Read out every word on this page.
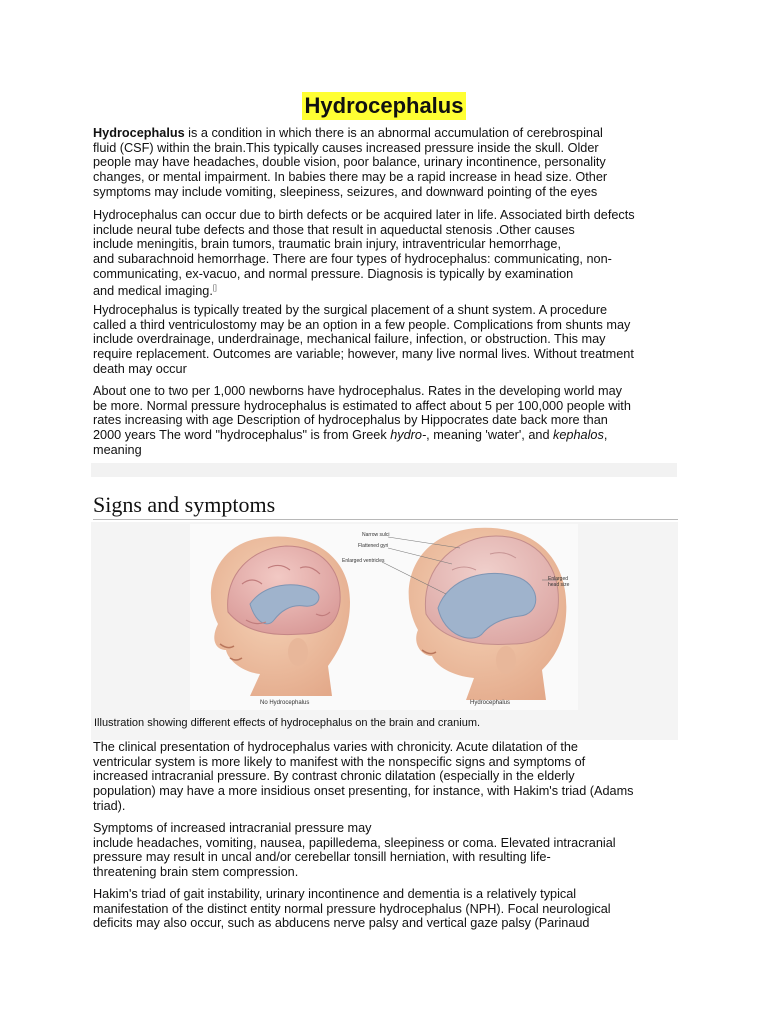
Hydrocephalus

Hydrocephalus is a condition in which there is an abnormal accumulation of cerebrospinal
fluid (CSF) within the brain.This typically causes increased pressure inside the skull. Older
people may have headaches, double vision, poor balance, urinary incontinence, personality
changes, or mental impairment. In babies there may be a rapid increase in head size. Other
symptoms may include vomiting, sleepiness, seizures, and downward pointing of the eyes

Hydrocephalus can occur due to birth defects or be acquired later in life. Associated birth defects
include neural tube defects and those that result in aqueductal stenosis .Other causes
include meningitis, brain tumors, traumatic brain injury, intraventricular hemorrhage,
and subarachnoid hemorrhage. There are four types of hydrocephalus: communicating, non-
communicating, ex-vacuo, and normal pressure. Diagnosis is typically by examination
and medical imaging.[]

Hydrocephalus is typically treated by the surgical placement of a shunt system. A procedure
called a third ventriculostomy may be an option in a few people. Complications from shunts may
include overdrainage, underdrainage, mechanical failure, infection, or obstruction. This may
require replacement. Outcomes are variable; however, many live normal lives. Without treatment
death may occur

About one to two per 1,000 newborns have hydrocephalus. Rates in the developing world may
be more. Normal pressure hydrocephalus is estimated to affect about 5 per 100,000 people with
rates increasing with age Description of hydrocephalus by Hippocrates date back more than
2000 years The word "hydrocephalus" is from Greek hydro-, meaning 'water', and kephalos,
meaning

Signs and symptoms
Narrow sulci
Flattened gyri
Enlarged ventricles
Enlarged
head size
No Hydrocephalus	Hydrocephalus
Illustration showing different effects of hydrocephalus on the brain and cranium.

The clinical presentation of hydrocephalus varies with chronicity. Acute dilatation of the
ventricular system is more likely to manifest with the nonspecific signs and symptoms of
increased intracranial pressure. By contrast chronic dilatation (especially in the elderly
population) may have a more insidious onset presenting, for instance, with Hakim's triad (Adams
triad).

Symptoms of increased intracranial pressure may
include headaches, vomiting, nausea, papilledema, sleepiness or coma. Elevated intracranial
pressure may result in uncal and/or cerebellar tonsill herniation, with resulting life-
threatening brain stem compression.

Hakim's triad of gait instability, urinary incontinence and dementia is a relatively typical
manifestation of the distinct entity normal pressure hydrocephalus (NPH). Focal neurological
deficits may also occur, such as abducens nerve palsy and vertical gaze palsy (Parinaud
